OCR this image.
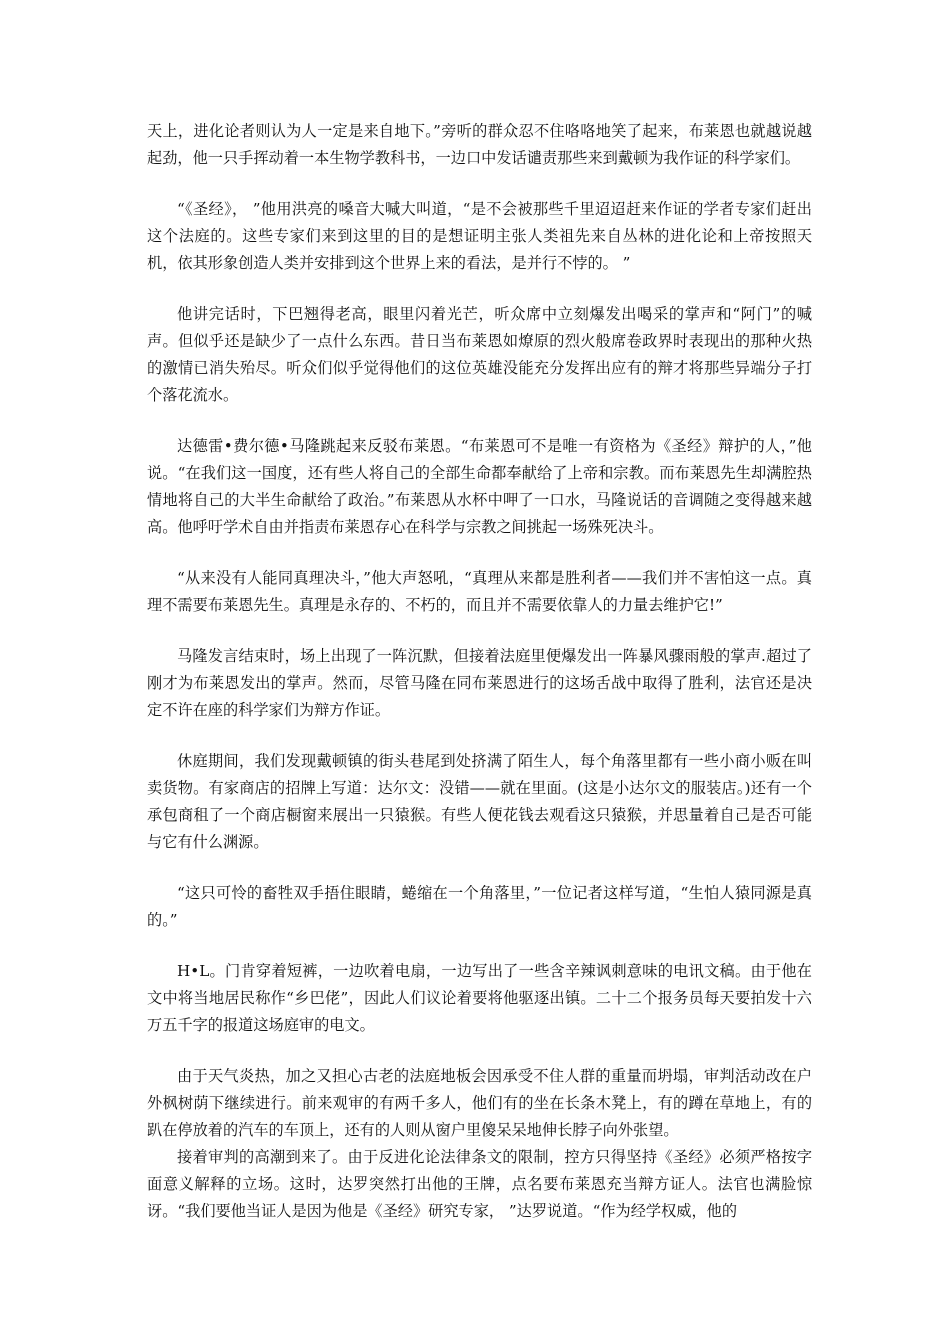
天上，进化论者则认为人一定是来自地下。”旁听的群众忍不住咯咯地笑了起来，布莱恩也就越说越起劲，他一只手挥动着一本生物学教科书，一边口中发话谴责那些来到戴顿为我作证的科学家们。

“《圣经》， ”他用洪亮的嗓音大喊大叫道，“是不会被那些千里迢迢赶来作证的学者专家们赶出这个法庭的。这些专家们来到这里的目的是想证明主张人类祖先来自丛林的进化论和上帝按照天机，依其形象创造人类并安排到这个世界上来的看法，是并行不悖的。 ”

他讲完话时，下巴翘得老高，眼里闪着光芒，听众席中立刻爆发出喝采的掌声和“阿门”的喊声。但似乎还是缺少了一点什么东西。昔日当布莱恩如燎原的烈火般席卷政界时表现出的那种火热的激情已消失殆尽。听众们似乎觉得他们的这位英雄没能充分发挥出应有的辩才将那些异端分子打个落花流水。

达德雷•费尔德•马隆跳起来反驳布莱恩。“布莱恩可不是唯一有资格为《圣经》辩护的人，”他说。“在我们这一国度，还有些人将自己的全部生命都奉献给了上帝和宗教。而布莱恩先生却满腔热情地将自己的大半生命献给了政治。”布莱恩从水杯中呷了一口水，马隆说话的音调随之变得越来越高。他呼吁学术自由并指责布莱恩存心在科学与宗教之间挑起一场殊死决斗。

“从来没有人能同真理决斗，”他大声怒吼，“真理从来都是胜利者——我们并不害怕这一点。真理不需要布莱恩先生。真理是永存的、不朽的，而且并不需要依靠人的力量去维护它!”

马隆发言结束时，场上出现了一阵沉默，但接着法庭里便爆发出一阵暴风骤雨般的掌声.超过了刚才为布莱恩发出的掌声。然而，尽管马隆在同布莱恩进行的这场舌战中取得了胜利，法官还是决定不许在座的科学家们为辩方作证。

休庭期间，我们发现戴顿镇的街头巷尾到处挤满了陌生人，每个角落里都有一些小商小贩在叫卖货物。有家商店的招牌上写道：达尔文：没错——就在里面。(这是小达尔文的服装店。)还有一个承包商租了一个商店橱窗来展出一只猿猴。有些人便花钱去观看这只猿猴，并思量着自己是否可能与它有什么渊源。

“这只可怜的畜牲双手捂住眼睛，蜷缩在一个角落里，”一位记者这样写道，“生怕人猿同源是真的。”

H•L。门肯穿着短裤，一边吹着电扇，一边写出了一些含辛辣讽刺意味的电讯文稿。由于他在文中将当地居民称作“乡巴佬”，因此人们议论着要将他驱逐出镇。二十二个报务员每天要拍发十六万五千字的报道这场庭审的电文。

由于天气炎热，加之又担心古老的法庭地板会因承受不住人群的重量而坍塌，审判活动改在户外枫树荫下继续进行。前来观审的有两千多人，他们有的坐在长条木凳上，有的蹲在草地上，有的趴在停放着的汽车的车顶上，还有的人则从窗户里傻呆呆地伸长脖子向外张望。

接着审判的高潮到来了。由于反进化论法律条文的限制，控方只得坚持《圣经》必须严格按字面意义解释的立场。这时，达罗突然打出他的王牌，点名要布莱恩充当辩方证人。法官也满脸惊讶。“我们要他当证人是因为他是《圣经》研究专家， ”达罗说道。“作为经学权威，他的
